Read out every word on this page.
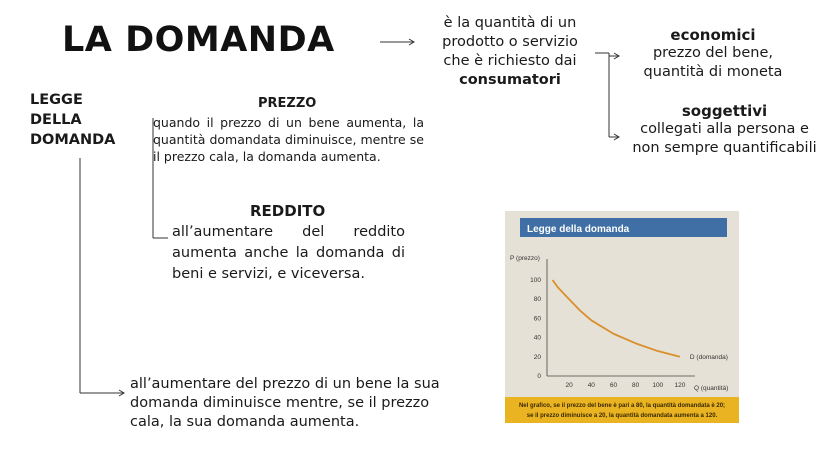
LA DOMANDA	è la quantità di un prodotto o servizio che è richiesto dai consumatori
economici
prezzo del bene, quantità di moneta
soggettivi
collegati alla persona e non sempre quantificabili
LEGGE
DELLA
DOMANDA
PREZZO
quando il prezzo di un bene aumenta, la quantità domandata diminuisce, mentre se il prezzo cala, la domanda aumenta.
REDDITO
all’aumentare del reddito aumenta anche la domanda di beni e servizi, e viceversa.
all’aumentare del prezzo di un bene la sua domanda diminuisce mentre, se il prezzo cala, la sua domanda aumenta.
Legge della domanda
P (prezzo)
Q (quantità)
20 40 60 80 100 120
0
20
40
60
80
100
D (domanda)
Nel grafico, se il prezzo del bene è pari a 80, la quantità domandata è 20;
se il prezzo diminuisce a 20, la quantità domandata aumenta a 120.
